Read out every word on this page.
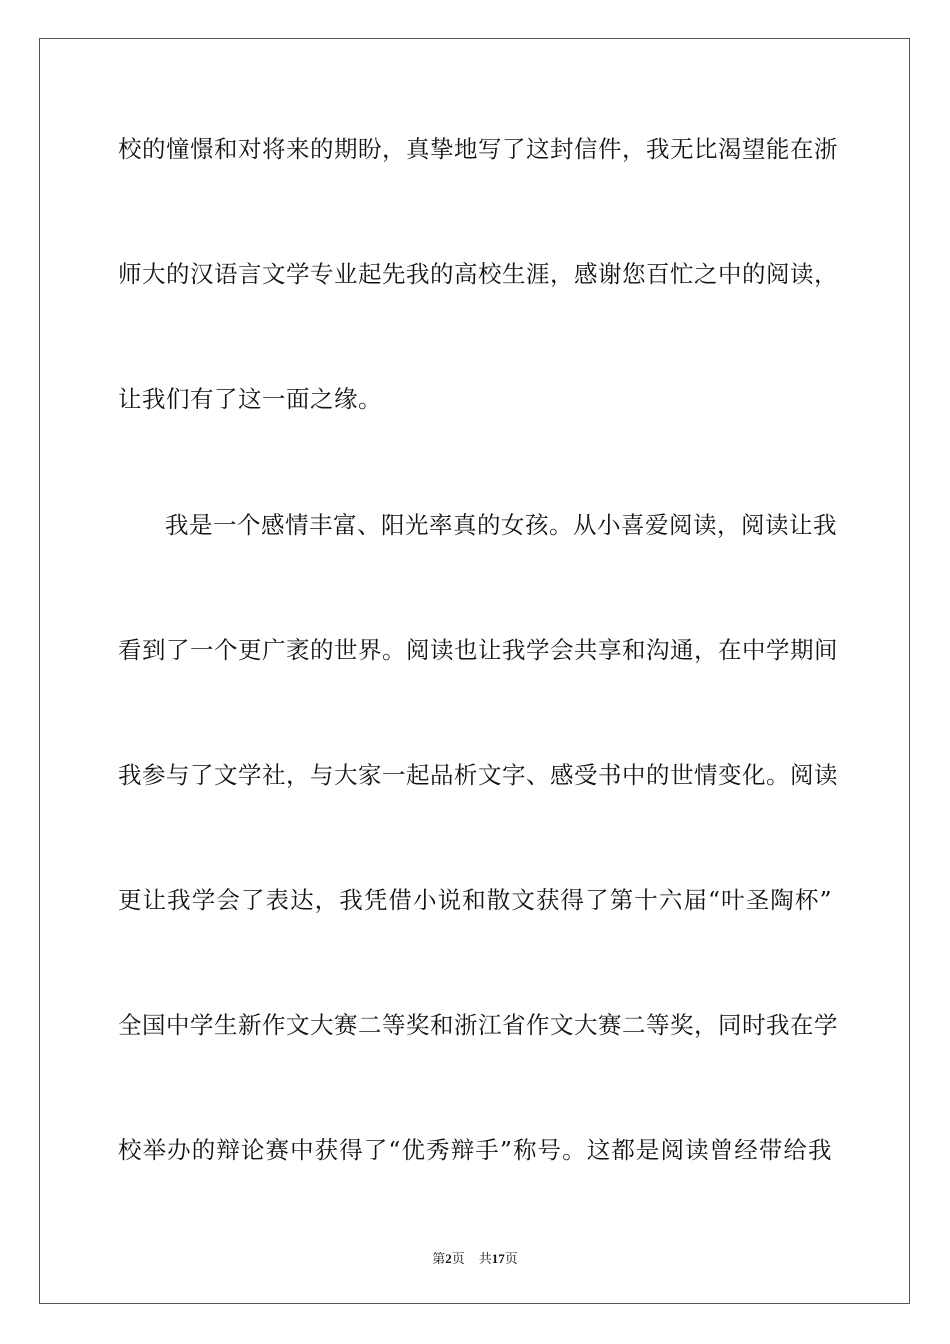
校的憧憬和对将来的期盼，真挚地写了这封信件，我无比渴望能在浙
师大的汉语言文学专业起先我的高校生涯，感谢您百忙之中的阅读，
让我们有了这一面之缘。
我是一个感情丰富、阳光率真的女孩。从小喜爱阅读，阅读让我
看到了一个更广袤的世界。阅读也让我学会共享和沟通，在中学期间
我参与了文学社，与大家一起品析文字、感受书中的世情变化。阅读
更让我学会了表达，我凭借小说和散文获得了第十六届“叶圣陶杯”
全国中学生新作文大赛二等奖和浙江省作文大赛二等奖，同时我在学
校举办的辩论赛中获得了“优秀辩手”称号。这都是阅读曾经带给我
第2页 共17页
